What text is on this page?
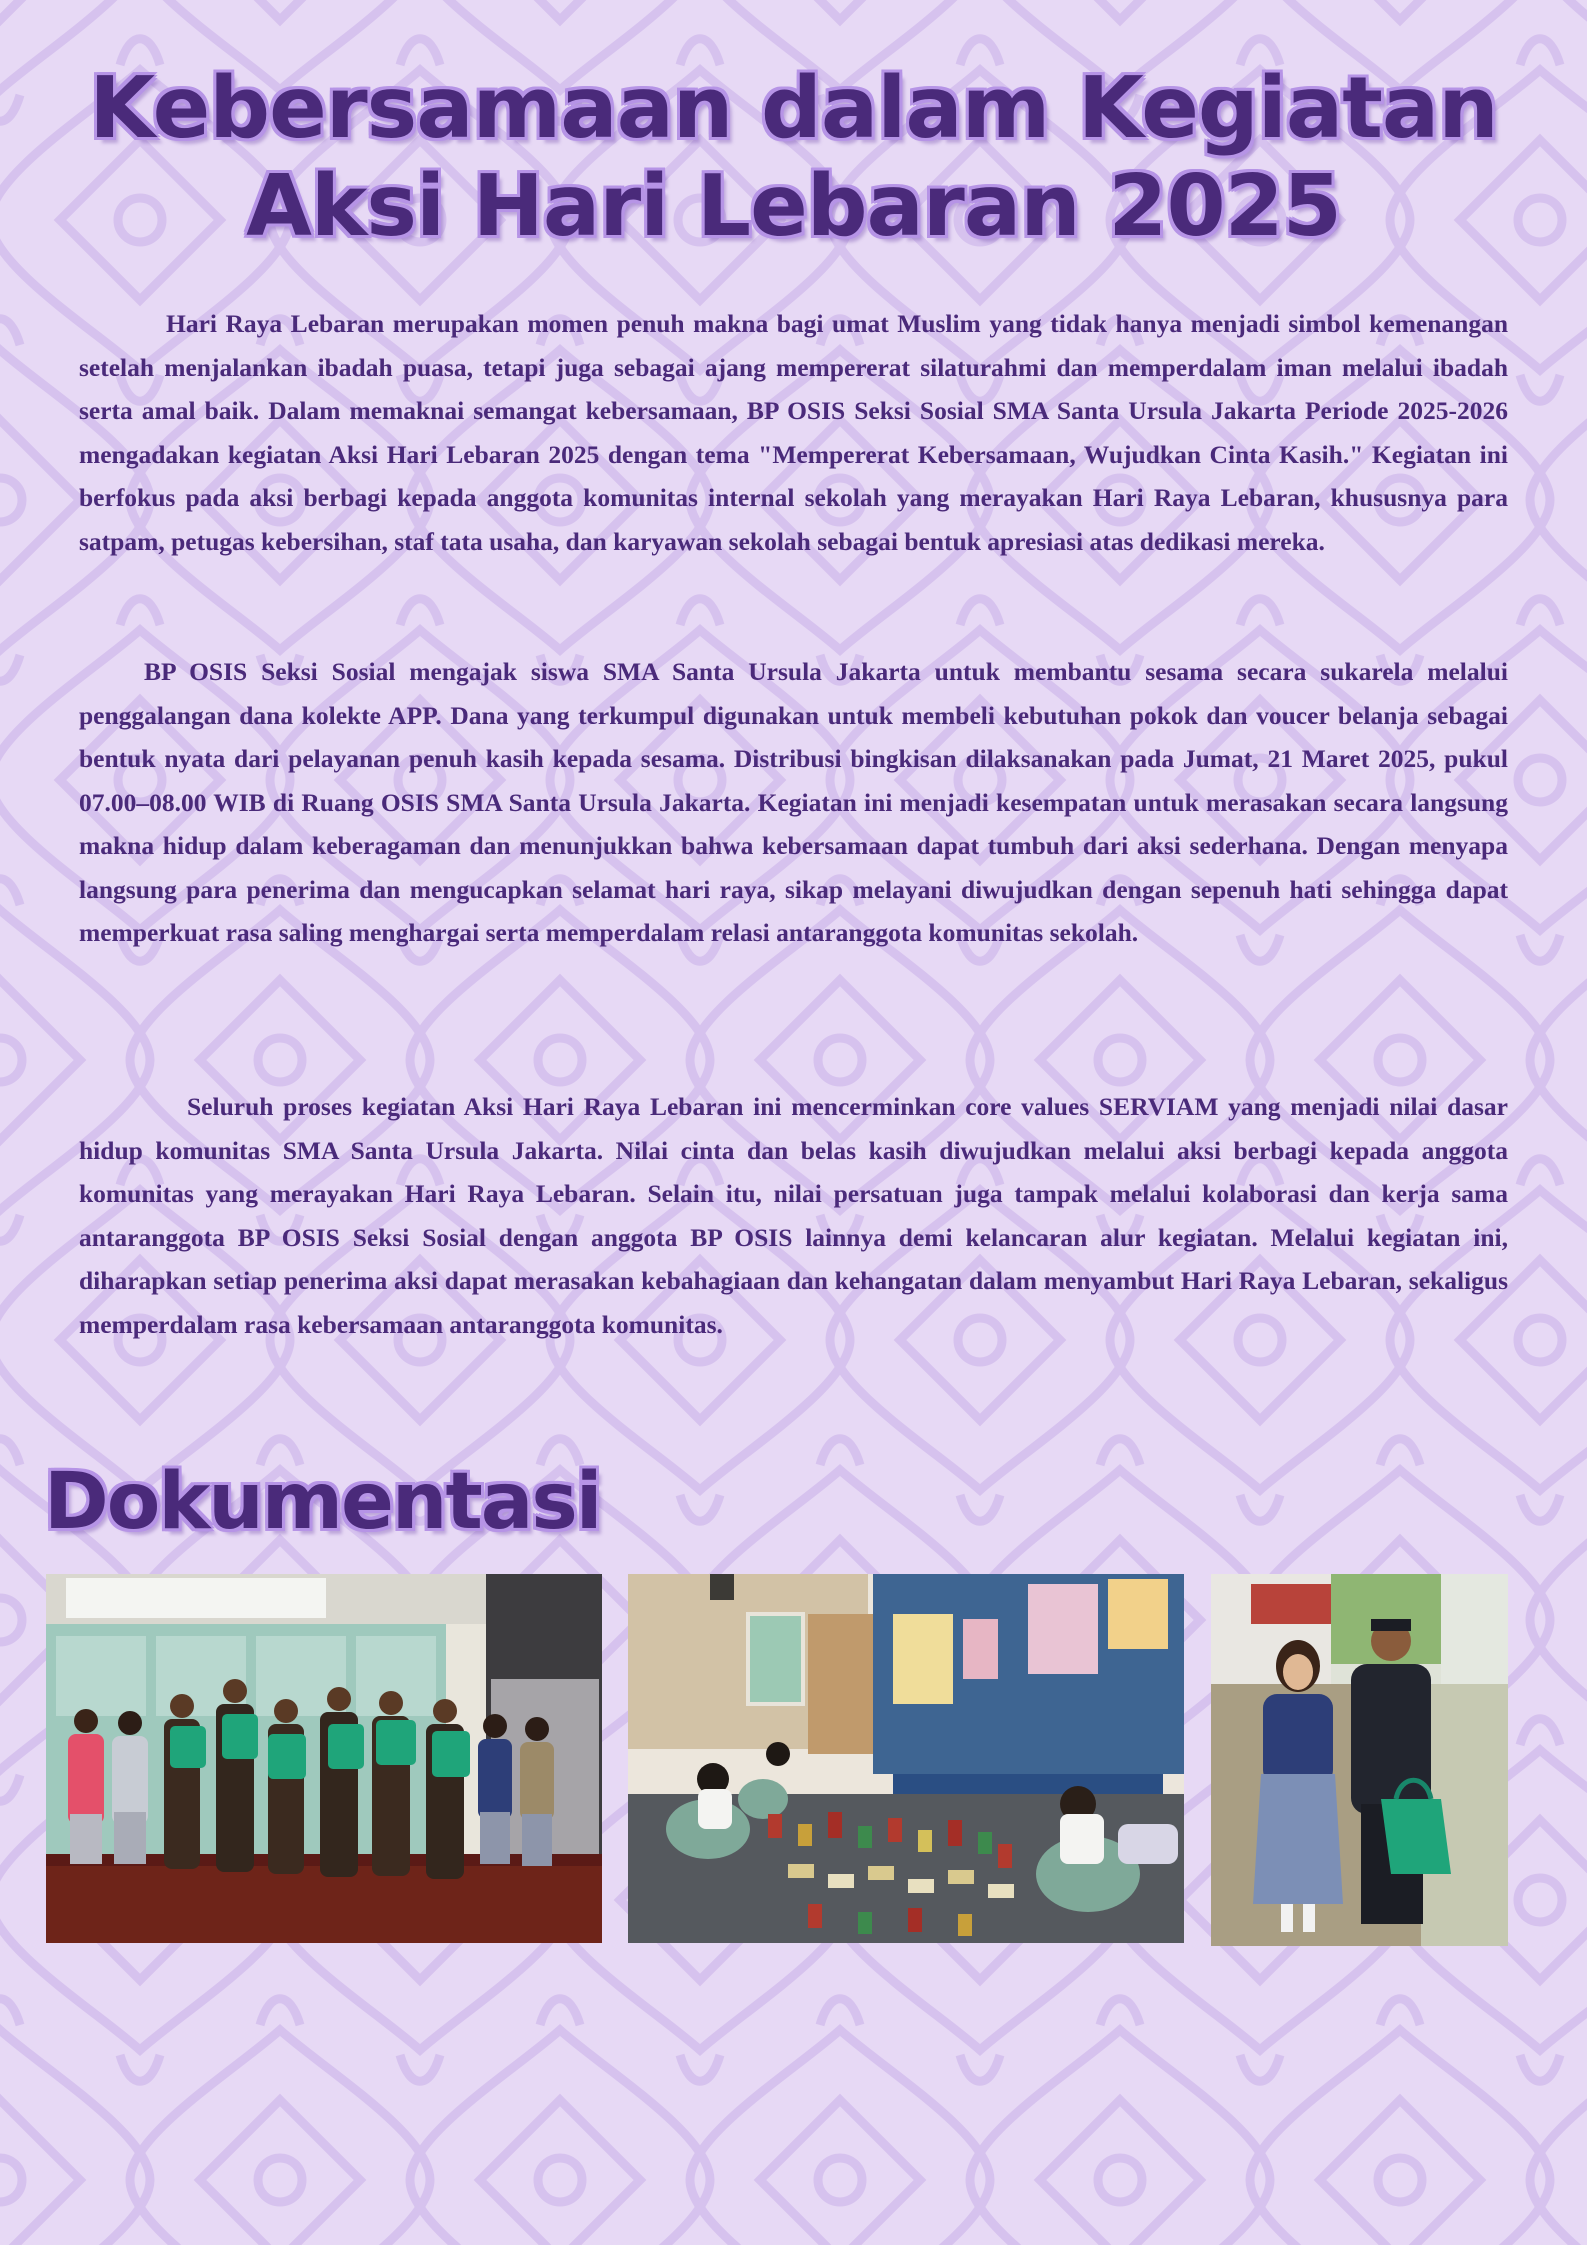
Kebersamaan dalam Kegiatan
Aksi Hari Lebaran 2025

Hari Raya Lebaran merupakan momen penuh makna bagi umat Muslim yang tidak hanya menjadi simbol kemenangan setelah menjalankan ibadah puasa, tetapi juga sebagai ajang mempererat silaturahmi dan memperdalam iman melalui ibadah serta amal baik. Dalam memaknai semangat kebersamaan, BP OSIS Seksi Sosial SMA Santa Ursula Jakarta Periode 2025-2026 mengadakan kegiatan Aksi Hari Lebaran 2025 dengan tema "Mempererat Kebersamaan, Wujudkan Cinta Kasih." Kegiatan ini berfokus pada aksi berbagi kepada anggota komunitas internal sekolah yang merayakan Hari Raya Lebaran, khususnya para satpam, petugas kebersihan, staf tata usaha, dan karyawan sekolah sebagai bentuk apresiasi atas dedikasi mereka.

BP OSIS Seksi Sosial mengajak siswa SMA Santa Ursula Jakarta untuk membantu sesama secara sukarela melalui penggalangan dana kolekte APP. Dana yang terkumpul digunakan untuk membeli kebutuhan pokok dan voucer belanja sebagai bentuk nyata dari pelayanan penuh kasih kepada sesama. Distribusi bingkisan dilaksanakan pada Jumat, 21 Maret 2025, pukul 07.00–08.00 WIB di Ruang OSIS SMA Santa Ursula Jakarta. Kegiatan ini menjadi kesempatan untuk merasakan secara langsung makna hidup dalam keberagaman dan menunjukkan bahwa kebersamaan dapat tumbuh dari aksi sederhana. Dengan menyapa langsung para penerima dan mengucapkan selamat hari raya, sikap melayani diwujudkan dengan sepenuh hati sehingga dapat memperkuat rasa saling menghargai serta memperdalam relasi antaranggota komunitas sekolah.

Seluruh proses kegiatan Aksi Hari Raya Lebaran ini mencerminkan core values SERVIAM yang menjadi nilai dasar hidup komunitas SMA Santa Ursula Jakarta. Nilai cinta dan belas kasih diwujudkan melalui aksi berbagi kepada anggota komunitas yang merayakan Hari Raya Lebaran. Selain itu, nilai persatuan juga tampak melalui kolaborasi dan kerja sama antaranggota BP OSIS Seksi Sosial dengan anggota BP OSIS lainnya demi kelancaran alur kegiatan. Melalui kegiatan ini, diharapkan setiap penerima aksi dapat merasakan kebahagiaan dan kehangatan dalam menyambut Hari Raya Lebaran, sekaligus memperdalam rasa kebersamaan antaranggota komunitas.

Dokumentasi
